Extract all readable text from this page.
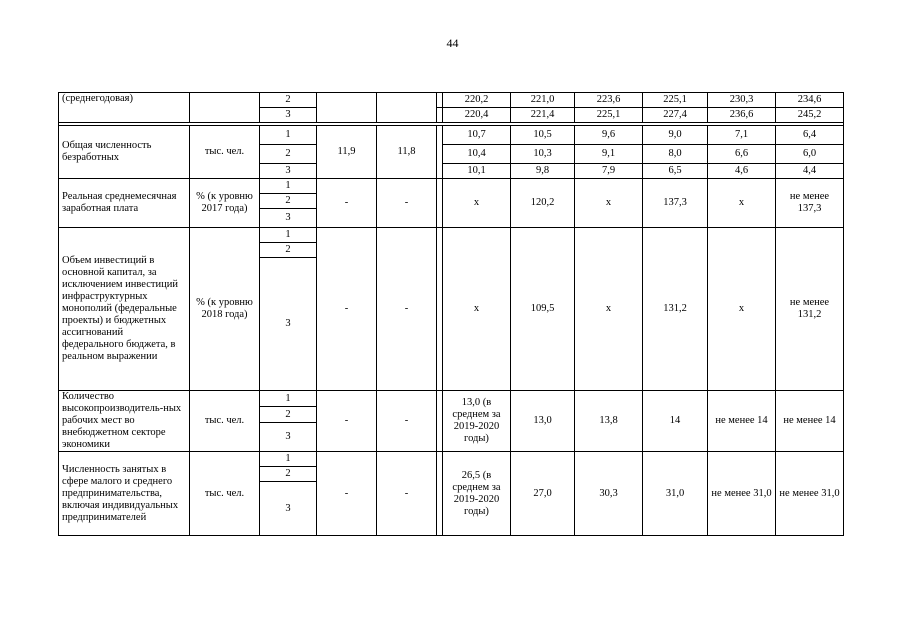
44
(среднегодовая)		2				220,2	221,0	223,6	225,1	230,3	234,6
		3				220,4	221,4	225,1	227,4	236,6	245,2

Общая численность безработных	тыс. чел.	1	11,9	11,8		10,7	10,5	9,6	9,0	7,1	6,4
		2				10,4	10,3	9,1	8,0	6,6	6,0
		3				10,1	9,8	7,9	6,5	4,6	4,4
Реальная среднемесячная заработная плата	% (к уровню 2017 года)	1	-	-		x	120,2	x	137,3	x	не менее 137,3
		2									
		3									
Объем инвестиций в основной капитал, за исключением инвестиций инфраструктурных монополий (федеральные проекты) и бюджетных ассигнований федерального бюджета, в реальном выражении	% (к уровню 2018 года)	1	-	-		x	109,5	x	131,2	x	не менее 131,2
		2									
		3									
Количество высокопроизводитель-ных рабочих мест во внебюджетном секторе экономики	тыс. чел.	1	-	-		13,0 (в среднем за 2019-2020 годы)	13,0	13,8	14	не менее 14	не менее 14
		2									
		3									
Численность занятых в сфере малого и среднего предпринимательства, включая индивидуальных предпринимателей	тыс. чел.	1	-	-		26,5 (в среднем за 2019-2020 годы)	27,0	30,3	31,0	не менее 31,0	не менее 31,0
		2									
		3									
